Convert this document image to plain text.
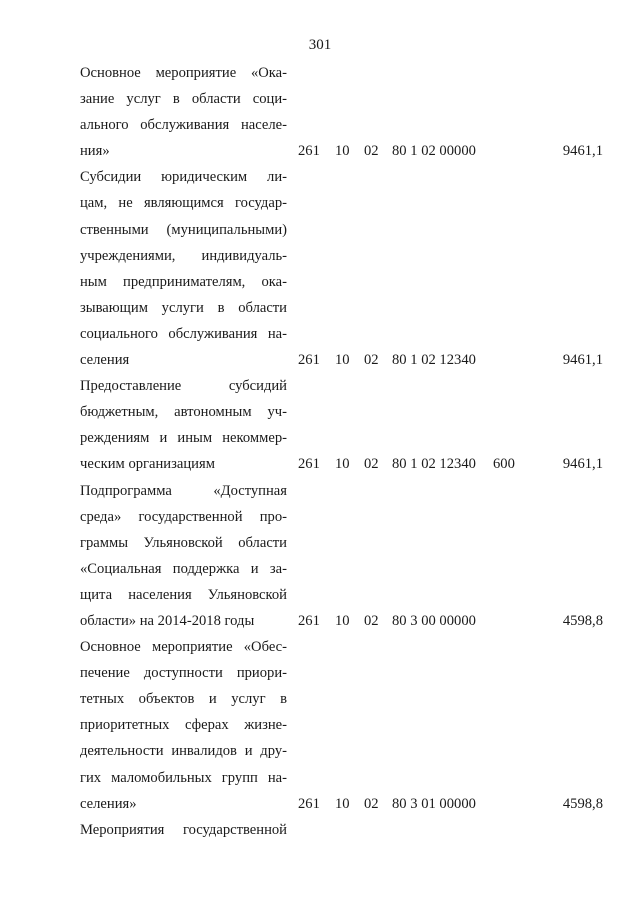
301
Основное мероприятие «Ока-
зание услуг в области соци-
ального обслуживания населе-
ния»	261 10 02 80 1 02 00000	9461,1
Субсидии юридическим ли-
цам, не являющимся государ-
ственными (муниципальными)
учреждениями, индивидуаль-
ным предпринимателям, ока-
зывающим услуги в области
социального обслуживания на-
селения	261 10 02 80 1 02 12340	9461,1
Предоставление субсидий
бюджетным, автономным уч-
реждениям и иным некоммер-
ческим организациям	261 10 02 80 1 02 12340 600	9461,1
Подпрограмма «Доступная
среда» государственной про-
граммы Ульяновской области
«Социальная поддержка и за-
щита населения Ульяновской
области» на 2014-2018 годы	261 10 02 80 3 00 00000	4598,8
Основное мероприятие «Обес-
печение доступности приори-
тетных объектов и услуг в
приоритетных сферах жизне-
деятельности инвалидов и дру-
гих маломобильных групп на-
селения»	261 10 02 80 3 01 00000	4598,8
Мероприятия государственной
